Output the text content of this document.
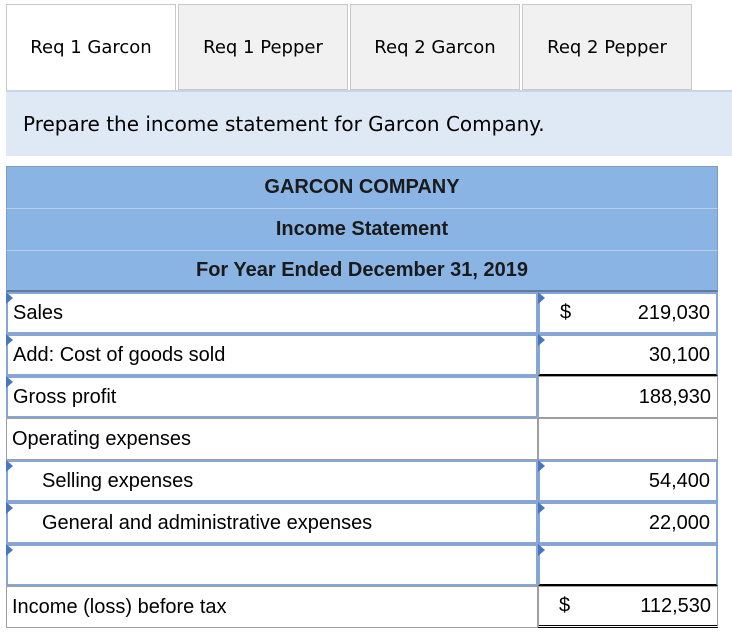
Req 1 Garcon	Req 1 Pepper	Req 2 Garcon	Req 2 Pepper
Prepare the income statement for Garcon Company.
GARCON COMPANY
Income Statement
For Year Ended December 31, 2019
Sales	$	219,030
Add: Cost of goods sold	30,100
Gross profit	188,930
Operating expenses
Selling expenses	54,400
General and administrative expenses	22,000
Income (loss) before tax	$	112,530
